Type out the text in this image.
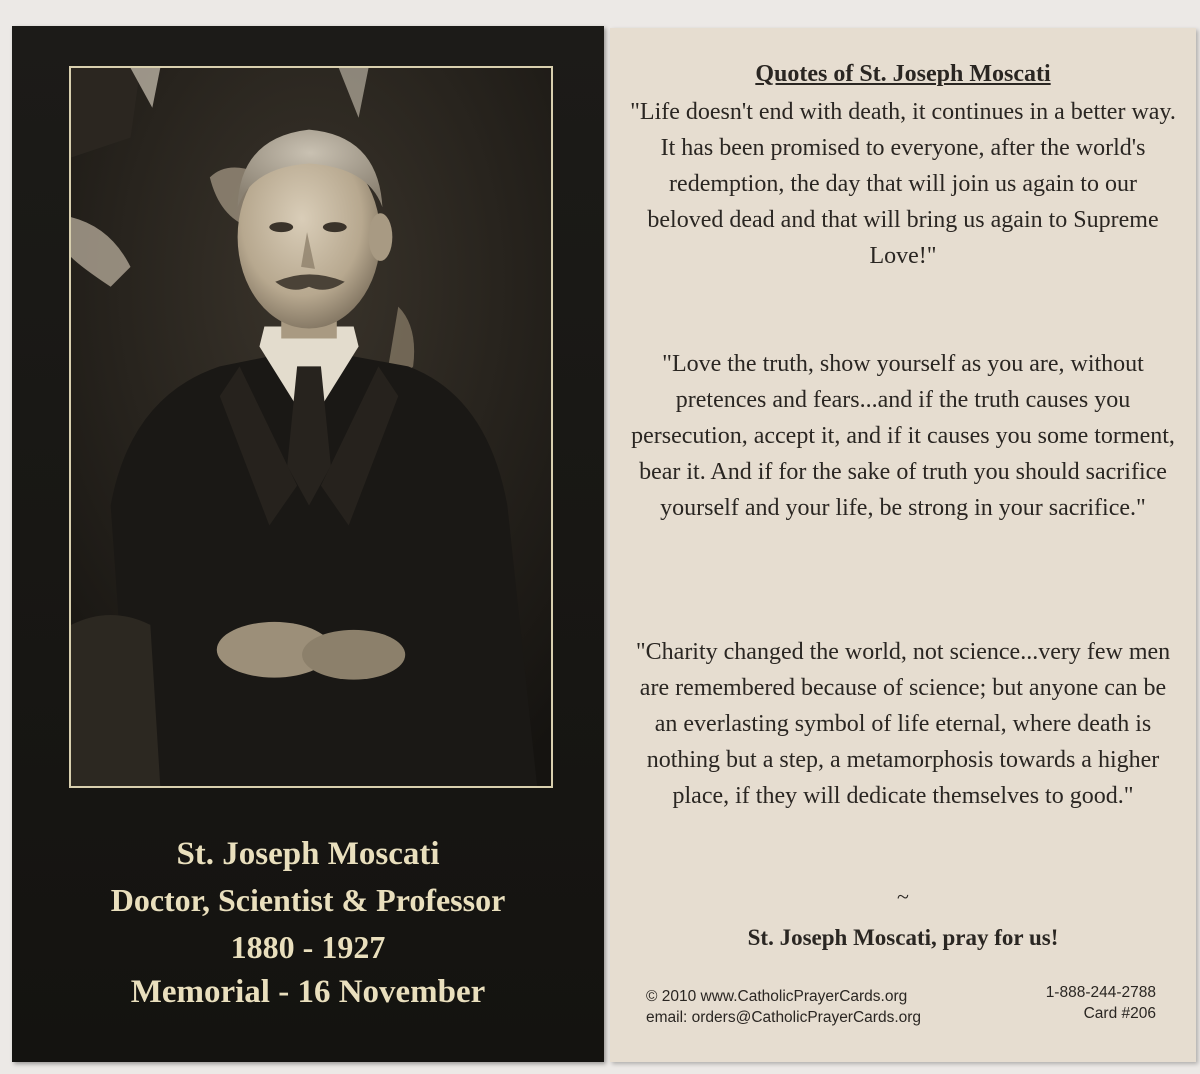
St. Joseph Moscati

Doctor, Scientist & Professor

1880 - 1927

Memorial - 16 November

Quotes of St. Joseph Moscati

"Life doesn't end with death, it continues in a better way. It has been promised to everyone, after the world's redemption, the day that will join us again to our beloved dead and that will bring us again to Supreme Love!"

"Love the truth, show yourself as you are, without pretences and fears...and if the truth causes you persecution, accept it, and if it causes you some torment, bear it. And if for the sake of truth you should sacrifice yourself and your life, be strong in your sacrifice."

"Charity changed the world, not science...very few men are remembered because of science; but anyone can be an everlasting symbol of life eternal, where death is nothing but a step, a metamorphosis towards a higher place, if they will dedicate themselves to good."

~

St. Joseph Moscati, pray for us!

© 2010 www.CatholicPrayerCards.org
email: orders@CatholicPrayerCards.org

1-888-244-2788
Card #206
